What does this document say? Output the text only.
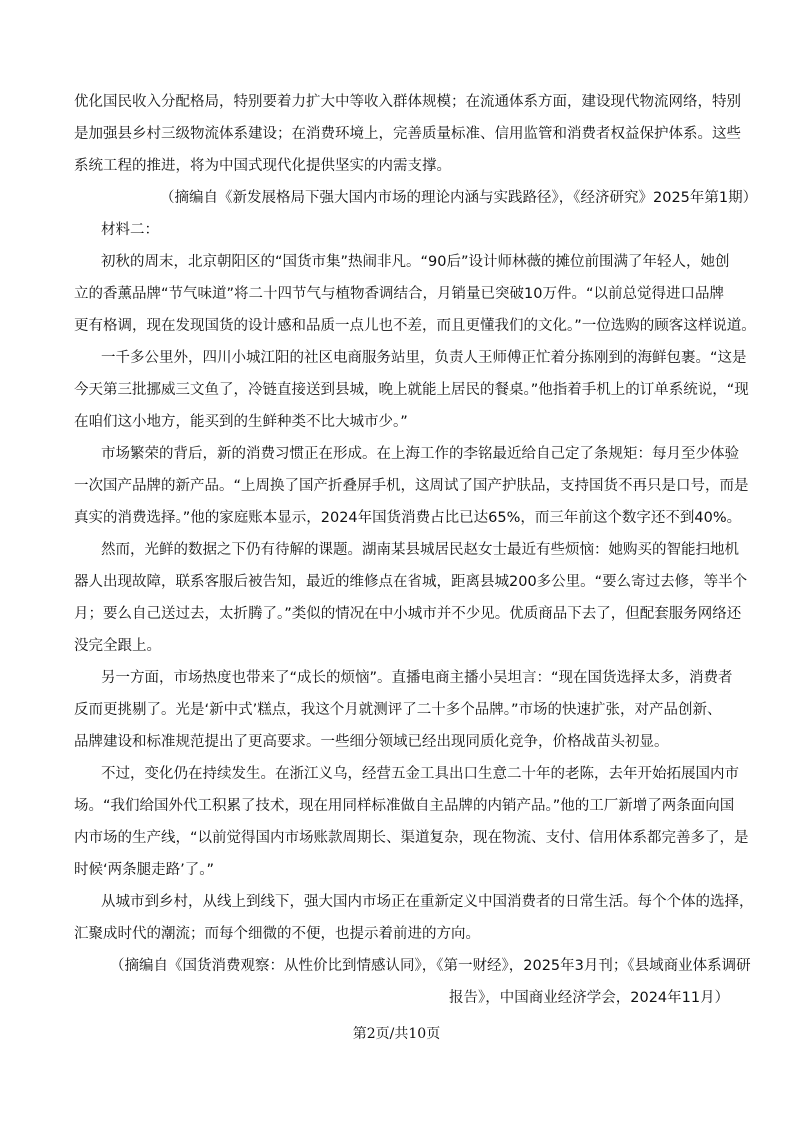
优化国民收入分配格局，特别要着力扩大中等收入群体规模；在流通体系方面，建设现代物流网络，特别
是加强县乡村三级物流体系建设；在消费环境上，完善质量标准、信用监管和消费者权益保护体系。这些
系统工程的推进，将为中国式现代化提供坚实的内需支撑。
（摘编自《新发展格局下强大国内市场的理论内涵与实践路径》，《经济研究》2025年第1期）
材料二：
初秋的周末，北京朝阳区的“国货市集”热闹非凡。“90后”设计师林薇的摊位前围满了年轻人，她创
立的香薰品牌“节气味道”将二十四节气与植物香调结合，月销量已突破10万件。“以前总觉得进口品牌
更有格调，现在发现国货的设计感和品质一点儿也不差，而且更懂我们的文化。”一位选购的顾客这样说道。
一千多公里外，四川小城江阳的社区电商服务站里，负责人王师傅正忙着分拣刚到的海鲜包裹。“这是
今天第三批挪威三文鱼了，冷链直接送到县城，晚上就能上居民的餐桌。”他指着手机上的订单系统说，“现
在咱们这小地方，能买到的生鲜种类不比大城市少。”
市场繁荣的背后，新的消费习惯正在形成。在上海工作的李铭最近给自己定了条规矩：每月至少体验
一次国产品牌的新产品。“上周换了国产折叠屏手机，这周试了国产护肤品，支持国货不再只是口号，而是
真实的消费选择。”他的家庭账本显示，2024年国货消费占比已达65%，而三年前这个数字还不到40%。
然而，光鲜的数据之下仍有待解的课题。湖南某县城居民赵女士最近有些烦恼：她购买的智能扫地机
器人出现故障，联系客服后被告知，最近的维修点在省城，距离县城200多公里。“要么寄过去修，等半个
月；要么自己送过去，太折腾了。”类似的情况在中小城市并不少见。优质商品下去了，但配套服务网络还
没完全跟上。
另一方面，市场热度也带来了“成长的烦恼”。直播电商主播小吴坦言：“现在国货选择太多，消费者
反而更挑剔了。光是‘新中式’糕点，我这个月就测评了二十多个品牌。”市场的快速扩张，对产品创新、
品牌建设和标准规范提出了更高要求。一些细分领域已经出现同质化竞争，价格战苗头初显。
不过，变化仍在持续发生。在浙江义乌，经营五金工具出口生意二十年的老陈，去年开始拓展国内市
场。“我们给国外代工积累了技术，现在用同样标准做自主品牌的内销产品。”他的工厂新增了两条面向国
内市场的生产线，“以前觉得国内市场账款周期长、渠道复杂，现在物流、支付、信用体系都完善多了，是
时候‘两条腿走路’了。”
从城市到乡村，从线上到线下，强大国内市场正在重新定义中国消费者的日常生活。每个个体的选择，
汇聚成时代的潮流；而每个细微的不便，也提示着前进的方向。
（摘编自《国货消费观察：从性价比到情感认同》，《第一财经》，2025年3月刊；《县域商业体系调研
报告》，中国商业经济学会，2024年11月）
第2页/共10页
